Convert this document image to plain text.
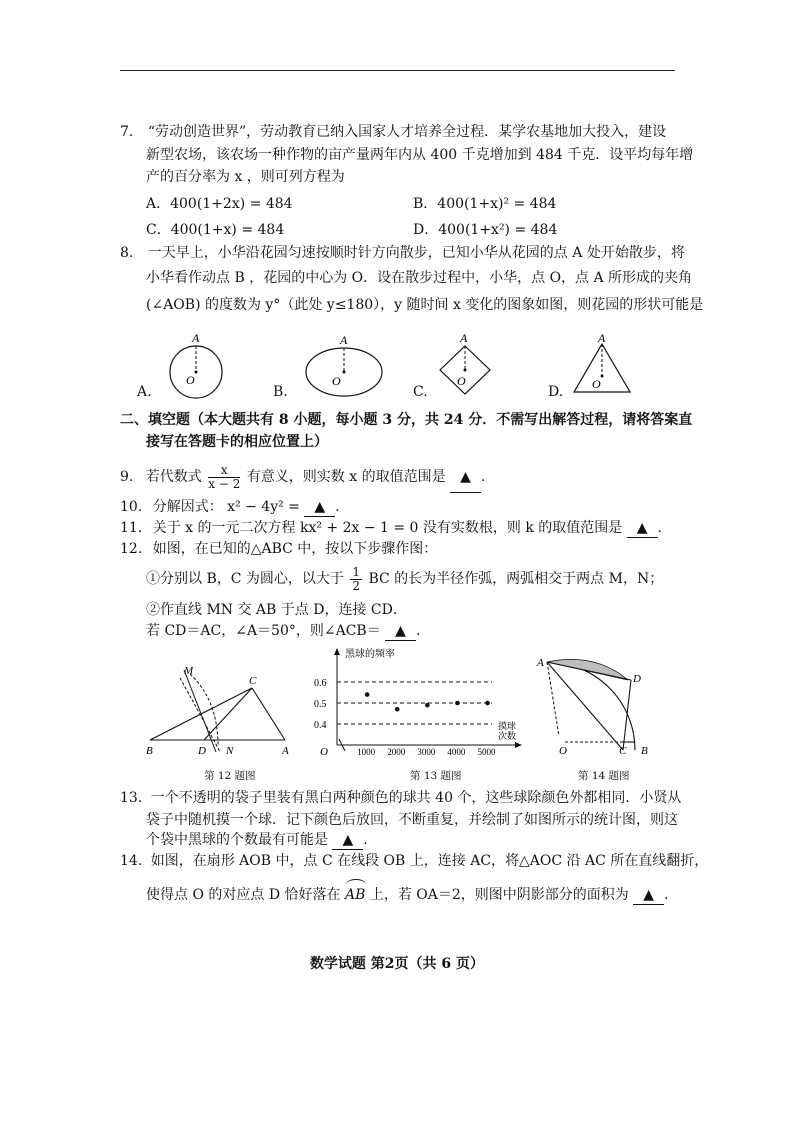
7. “劳动创造世界”，劳动教育已纳入国家人才培养全过程．某学农基地加大投入，建设
新型农场，该农场一种作物的亩产量两年内从 400 千克增加到 484 千克．设平均每年增
产的百分率为 x ，则可列方程为
A．400(1+2x) = 484	B．400(1+x)² = 484
C．400(1+x) = 484	D．400(1+x²) = 484
8. 一天早上，小华沿花园匀速按顺时针方向散步，已知小华从花园的点 A 处开始散步，将
小华看作动点 B ，花园的中心为 O．设在散步过程中，小华，点 O，点 A 所形成的夹角
(∠AOB) 的度数为 y°（此处 y≤180），y 随时间 x 变化的图象如图，则花园的形状可能是
A.	B.	C.	D.
A
O
A
O
A
O
A
O
二、填空题（本大题共有 8 小题，每小题 3 分，共 24 分．不需写出解答过程，请将答案直
接写在答题卡的相应位置上）
9. 若代数式 $\frac{x}{x - 2}$ 有意义，则实数 x 的取值范围是 ▲ .
10. 分解因式： x² − 4y² = ▲ .
11. 关于 x 的一元二次方程 kx² + 2x − 1 = 0 没有实数根，则 k 的取值范围是 ▲ .
12. 如图，在已知的△ABC 中，按以下步骤作图：
①分别以 B，C 为圆心，以大于 $\frac{1}{2}$ BC 的长为半径作弧，两弧相交于两点 M，N；
②作直线 MN 交 AB 于点 D，连接 CD．
若 CD＝AC，∠A＝50°，则∠ACB＝ ▲ .
M
C
B	D N	A
第 12 题图
黑球的频率
摸球
次数
O
0.6
0.5
0.4
1000 2000 3000 4000 5000
第 13 题图
A
D
O	C B
第 14 题图
13. 一个不透明的袋子里装有黑白两种颜色的球共 40 个，这些球除颜色外都相同．小贤从
袋子中随机摸一个球．记下颜色后放回，不断重复，并绘制了如图所示的统计图，则这
个袋中黑球的个数最有可能是 ▲ .
14. 如图，在扇形 AOB 中，点 C 在线段 OB 上，连接 AC，将△AOC 沿 AC 所在直线翻折，
使得点 O 的对应点 D 恰好落在 AB 上，若 OA＝2，则图中阴影部分的面积为 ▲ .
数学试题 第2页（共 6 页）
